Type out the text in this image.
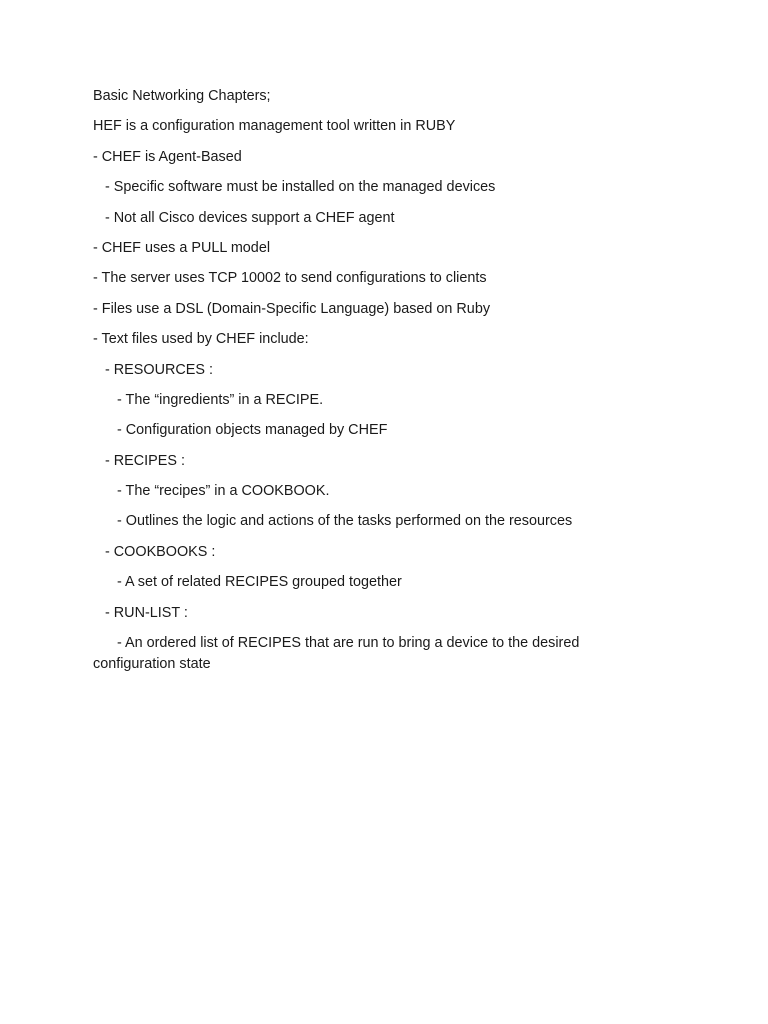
Basic Networking Chapters;

HEF is a configuration management tool written in RUBY

- CHEF is Agent-Based

- Specific software must be installed on the managed devices

- Not all Cisco devices support a CHEF agent

- CHEF uses a PULL model

- The server uses TCP 10002 to send configurations to clients

- Files use a DSL (Domain-Specific Language) based on Ruby

- Text files used by CHEF include:

- RESOURCES :

- The “ingredients” in a RECIPE.

- Configuration objects managed by CHEF

- RECIPES :

- The “recipes” in a COOKBOOK.

- Outlines the logic and actions of the tasks performed on the resources

- COOKBOOKS :

- A set of related RECIPES grouped together

- RUN-LIST :

- An ordered list of RECIPES that are run to bring a device to the desired configuration state
